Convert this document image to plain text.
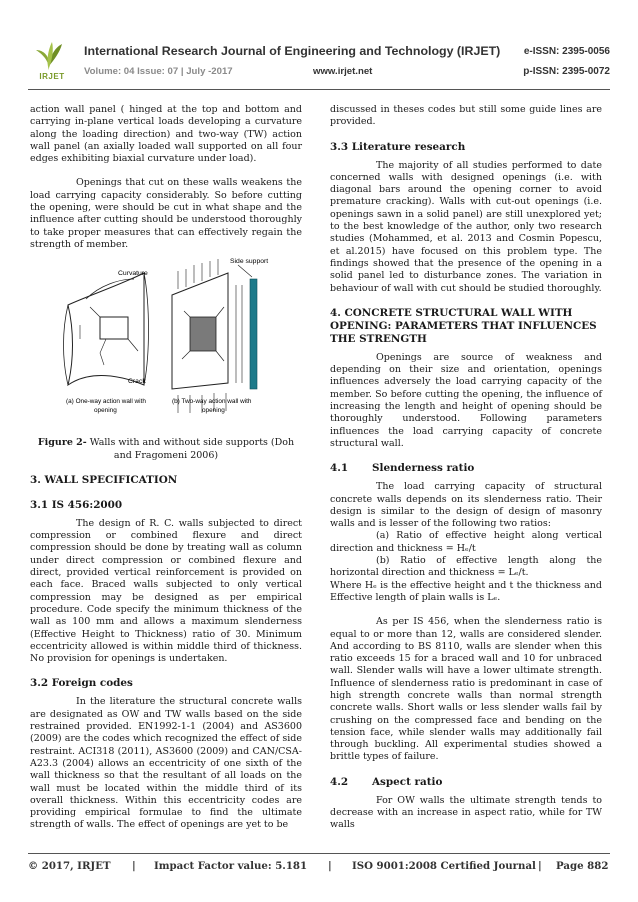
IRJET
International Research Journal of Engineering and Technology (IRJET) e-ISSN: 2395-0056
Volume: 04 Issue: 07 | July -2017	www.irjet.net	p-ISSN: 2395-0072

action wall panel ( hinged at the top and bottom and carrying in-plane vertical loads developing a curvature along the loading direction) and two-way (TW) action wall panel (an axially loaded wall supported on all four edges exhibiting biaxial curvature under load).

Openings that cut on these walls weakens the load carrying capacity considerably. So before cutting the opening, were should be cut in what shape and the influence after cutting should be understood thoroughly to take proper measures that can effectively regain the strength of member.

Side support
Curvature
Crack
(a) One-way action wall with
opening
(b) Two-way action wall with
opening
Figure 2- Walls with and without side supports (Doh and Fragomeni 2006)
3. WALL SPECIFICATION
3.1 IS 456:2000

The design of R. C. walls subjected to direct compression or combined flexure and direct compression should be done by treating wall as column under direct compression or combined flexure and direct, provided vertical reinforcement is provided on each face. Braced walls subjected to only vertical compression may be designed as per empirical procedure. Code specify the minimum thickness of the wall as 100 mm and allows a maximum slenderness (Effective Height to Thickness) ratio of 30. Minimum eccentricity allowed is within middle third of thickness. No provision for openings is undertaken.

3.2 Foreign codes

In the literature the structural concrete walls are designated as OW and TW walls based on the side restrained provided. EN1992-1-1 (2004) and AS3600 (2009) are the codes which recognized the effect of side restraint. ACI318 (2011), AS3600 (2009) and CAN/CSA-A23.3 (2004) allows an eccentricity of one sixth of the wall thickness so that the resultant of all loads on the wall must be located within the middle third of its overall thickness. Within this eccentricity codes are providing empirical formulae to find the ultimate strength of walls. The effect of openings are yet to be

discussed in theses codes but still some guide lines are provided.

3.3 Literature research

The majority of all studies performed to date concerned walls with designed openings (i.e. with diagonal bars around the opening corner to avoid premature cracking). Walls with cut-out openings (i.e. openings sawn in a solid panel) are still unexplored yet; to the best knowledge of the author, only two research studies (Mohammed, et al. 2013 and Cosmin Popescu, et al.2015) have focused on this problem type. The findings showed that the presence of the opening in a solid panel led to disturbance zones. The variation in behaviour of wall with cut should be studied thoroughly.

4. CONCRETE STRUCTURAL WALL WITH OPENING: PARAMETERS THAT INFLUENCES THE STRENGTH

Openings are source of weakness and depending on their size and orientation, openings influences adversely the load carrying capacity of the member. So before cutting the opening, the influence of increasing the length and height of opening should be thoroughly understood. Following parameters influences the load carrying capacity of concrete structural wall.

4.1 Slenderness ratio

The load carrying capacity of structural concrete walls depends on its slenderness ratio. Their design is similar to the design of design of masonry walls and is lesser of the following two ratios:

(a) Ratio of effective height along vertical direction and thickness = Hₑ/t

(b) Ratio of effective length along the horizontal direction and thickness = Lₑ/t.

Where Hₑ is the effective height and t the thickness and Effective length of plain walls is Lₑ.

As per IS 456, when the slenderness ratio is equal to or more than 12, walls are considered slender. And according to BS 8110, walls are slender when this ratio exceeds 15 for a braced wall and 10 for unbraced wall. Slender walls will have a lower ultimate strength. Influence of slenderness ratio is predominant in case of high strength concrete walls than normal strength concrete walls. Short walls or less slender walls fail by crushing on the compressed face and bending on the tension face, while slender walls may additionally fail through buckling. All experimental studies showed a brittle types of failure.

4.2 Aspect ratio

For OW walls the ultimate strength tends to decrease with an increase in aspect ratio, while for TW walls

© 2017, IRJET | Impact Factor value: 5.181 | ISO 9001:2008 Certified Journal | Page 882
